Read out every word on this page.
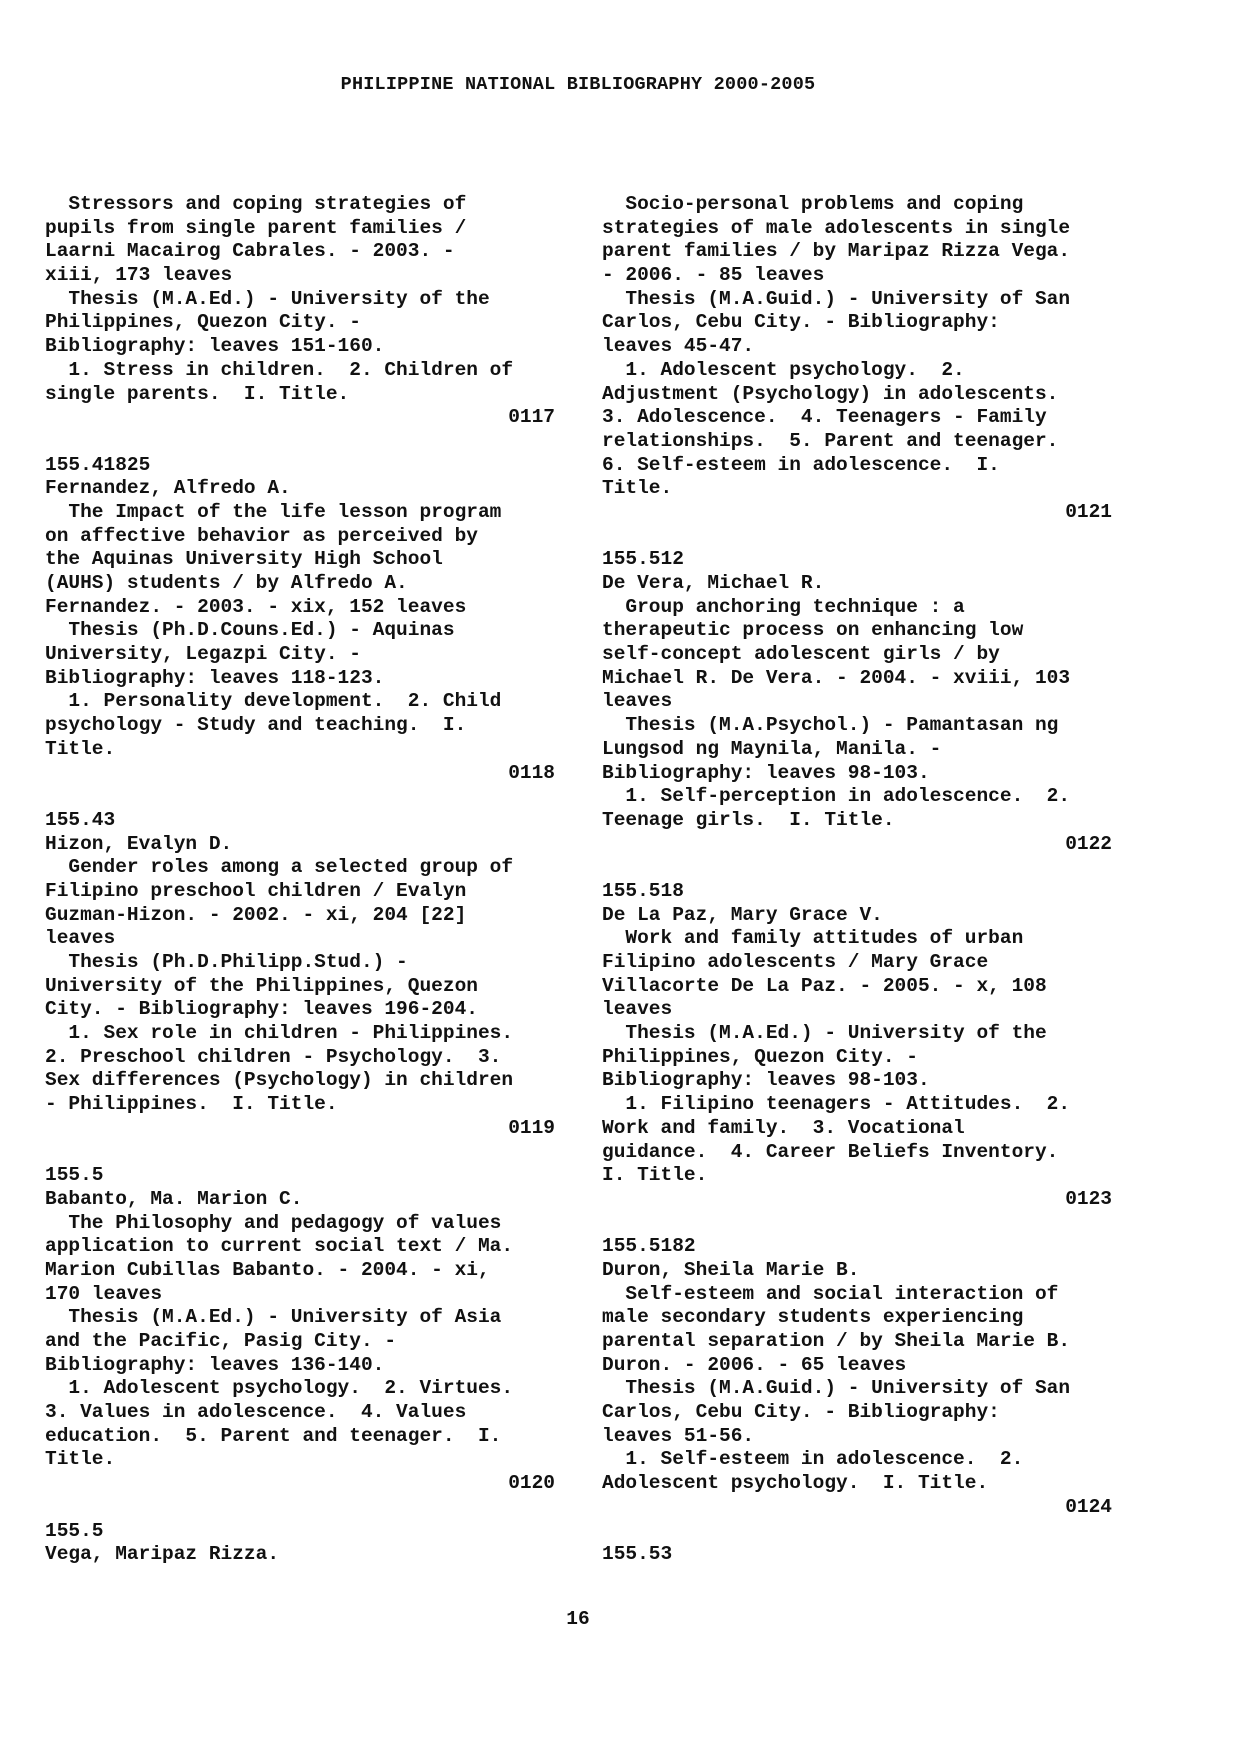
PHILIPPINE NATIONAL BIBLIOGRAPHY 2000-2005
Stressors and coping strategies of
pupils from single parent families /
Laarni Macairog Cabrales. - 2003. -
xiii, 173 leaves
Thesis (M.A.Ed.) - University of the
Philippines, Quezon City. -
Bibliography: leaves 151-160.
1. Stress in children.  2. Children of
single parents.  I. Title.
0117
155.41825
Fernandez, Alfredo A.
The Impact of the life lesson program
on affective behavior as perceived by
the Aquinas University High School
(AUHS) students / by Alfredo A.
Fernandez. - 2003. - xix, 152 leaves
Thesis (Ph.D.Couns.Ed.) - Aquinas
University, Legazpi City. -
Bibliography: leaves 118-123.
1. Personality development.  2. Child
psychology - Study and teaching.  I.
Title.
0118
155.43
Hizon, Evalyn D.
Gender roles among a selected group of
Filipino preschool children / Evalyn
Guzman-Hizon. - 2002. - xi, 204 [22]
leaves
Thesis (Ph.D.Philipp.Stud.) -
University of the Philippines, Quezon
City. - Bibliography: leaves 196-204.
1. Sex role in children - Philippines.
2. Preschool children - Psychology.  3.
Sex differences (Psychology) in children
- Philippines.  I. Title.
0119
155.5
Babanto, Ma. Marion C.
The Philosophy and pedagogy of values
application to current social text / Ma.
Marion Cubillas Babanto. - 2004. - xi,
170 leaves
Thesis (M.A.Ed.) - University of Asia
and the Pacific, Pasig City. -
Bibliography: leaves 136-140.
1. Adolescent psychology.  2. Virtues.
3. Values in adolescence.  4. Values
education.  5. Parent and teenager.  I.
Title.
0120
155.5
Vega, Maripaz Rizza.
Socio-personal problems and coping
strategies of male adolescents in single
parent families / by Maripaz Rizza Vega.
- 2006. - 85 leaves
Thesis (M.A.Guid.) - University of San
Carlos, Cebu City. - Bibliography:
leaves 45-47.
1. Adolescent psychology.  2.
Adjustment (Psychology) in adolescents.
3. Adolescence.  4. Teenagers - Family
relationships.  5. Parent and teenager.
6. Self-esteem in adolescence.  I.
Title.
0121
155.512
De Vera, Michael R.
Group anchoring technique : a
therapeutic process on enhancing low
self-concept adolescent girls / by
Michael R. De Vera. - 2004. - xviii, 103
leaves
Thesis (M.A.Psychol.) - Pamantasan ng
Lungsod ng Maynila, Manila. -
Bibliography: leaves 98-103.
1. Self-perception in adolescence.  2.
Teenage girls.  I. Title.
0122
155.518
De La Paz, Mary Grace V.
Work and family attitudes of urban
Filipino adolescents / Mary Grace
Villacorte De La Paz. - 2005. - x, 108
leaves
Thesis (M.A.Ed.) - University of the
Philippines, Quezon City. -
Bibliography: leaves 98-103.
1. Filipino teenagers - Attitudes.  2.
Work and family.  3. Vocational
guidance.  4. Career Beliefs Inventory.
I. Title.
0123
155.5182
Duron, Sheila Marie B.
Self-esteem and social interaction of
male secondary students experiencing
parental separation / by Sheila Marie B.
Duron. - 2006. - 65 leaves
Thesis (M.A.Guid.) - University of San
Carlos, Cebu City. - Bibliography:
leaves 51-56.
1. Self-esteem in adolescence.  2.
Adolescent psychology.  I. Title.
0124
155.53
16
